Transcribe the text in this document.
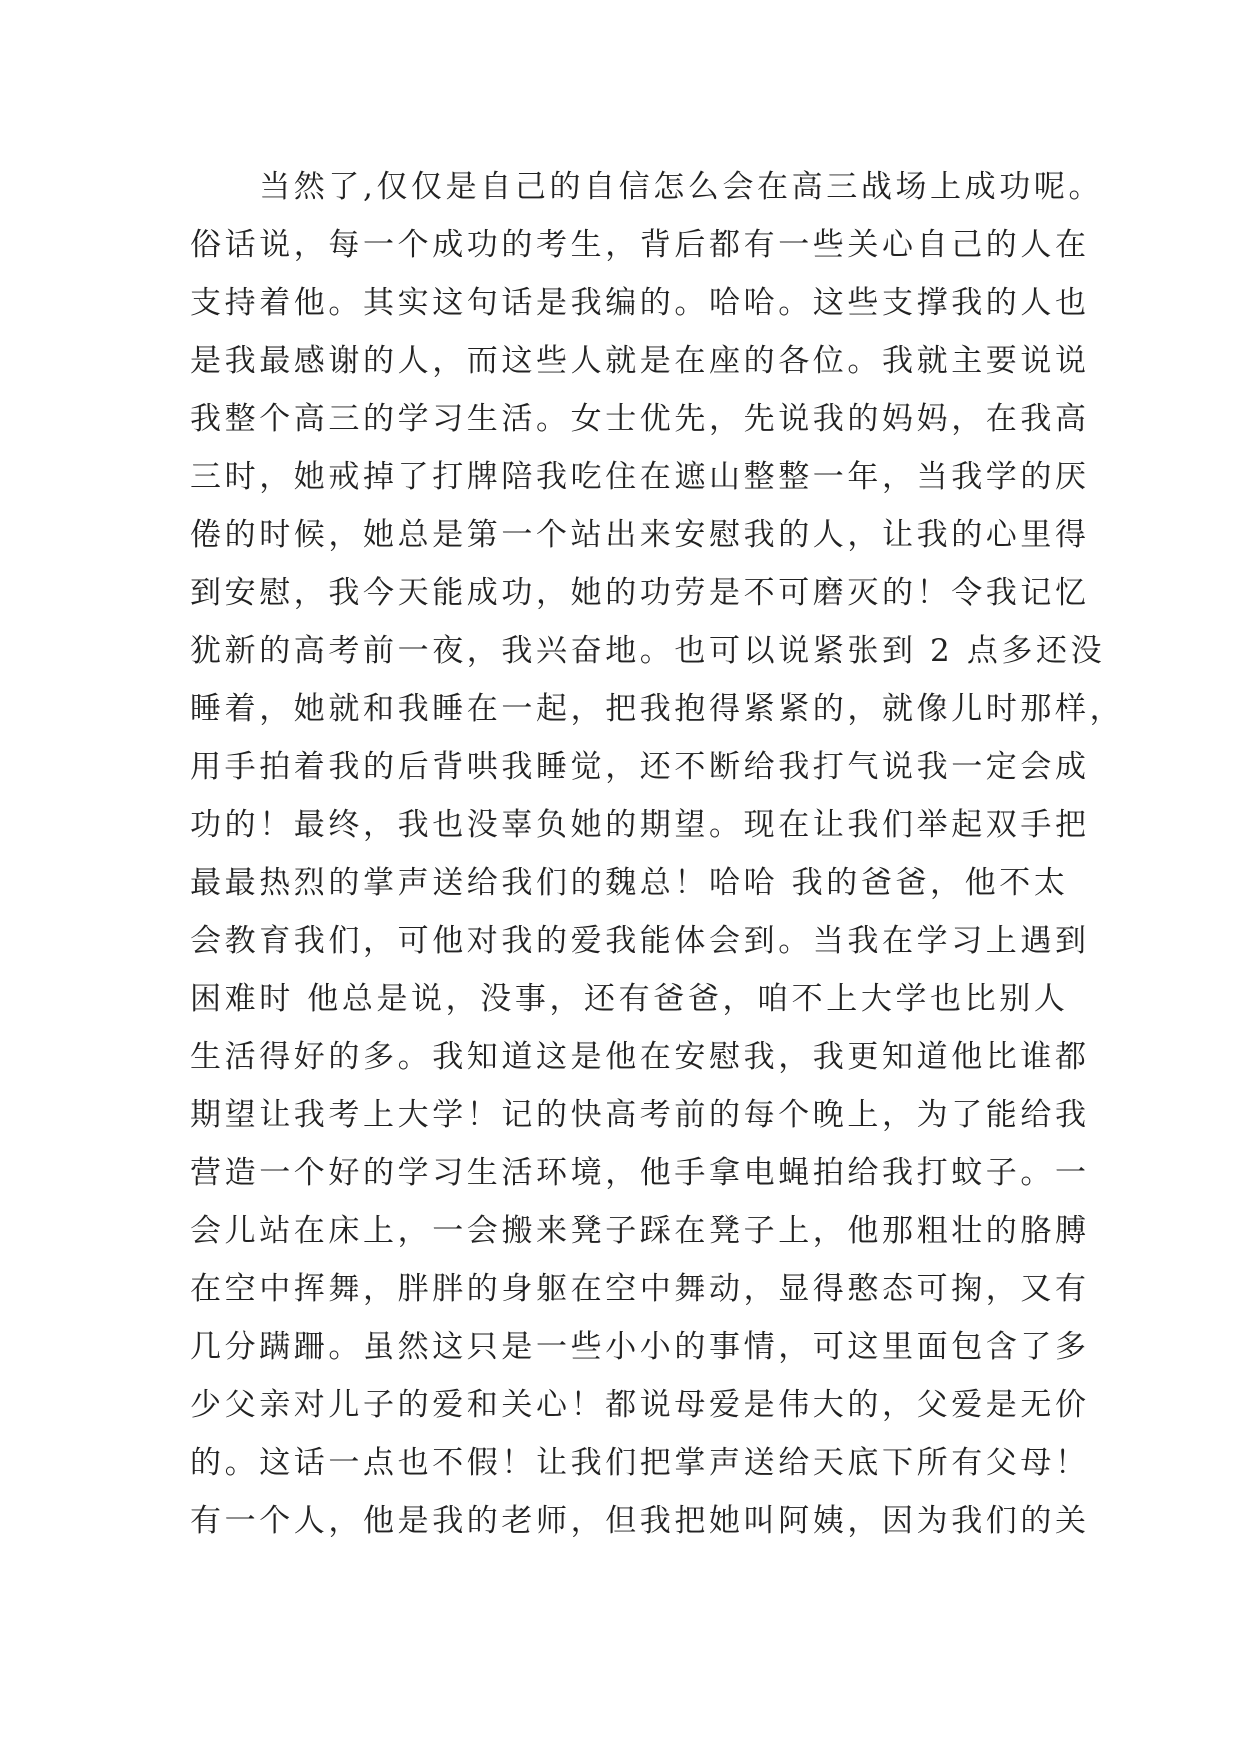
　　当然了,仅仅是自己的自信怎么会在高三战场上成功呢。
俗话说，每一个成功的考生，背后都有一些关心自己的人在
支持着他。其实这句话是我编的。哈哈。这些支撑我的人也
是我最感谢的人，而这些人就是在座的各位。我就主要说说
我整个高三的学习生活。女士优先，先说我的妈妈，在我高
三时，她戒掉了打牌陪我吃住在遮山整整一年，当我学的厌
倦的时候，她总是第一个站出来安慰我的人，让我的心里得
到安慰，我今天能成功，她的功劳是不可磨灭的！令我记忆
犹新的高考前一夜，我兴奋地。也可以说紧张到 2 点多还没
睡着，她就和我睡在一起，把我抱得紧紧的，就像儿时那样，
用手拍着我的后背哄我睡觉，还不断给我打气说我一定会成
功的！最终，我也没辜负她的期望。现在让我们举起双手把
最最热烈的掌声送给我们的魏总！哈哈 我的爸爸，他不太
会教育我们，可他对我的爱我能体会到。当我在学习上遇到
困难时 他总是说，没事，还有爸爸，咱不上大学也比别人
生活得好的多。我知道这是他在安慰我，我更知道他比谁都
期望让我考上大学！记的快高考前的每个晚上，为了能给我
营造一个好的学习生活环境，他手拿电蝇拍给我打蚊子。一
会儿站在床上，一会搬来凳子踩在凳子上，他那粗壮的胳膊
在空中挥舞，胖胖的身躯在空中舞动，显得憨态可掬，又有
几分蹒跚。虽然这只是一些小小的事情，可这里面包含了多
少父亲对儿子的爱和关心！都说母爱是伟大的，父爱是无价
的。这话一点也不假！让我们把掌声送给天底下所有父母！
有一个人，他是我的老师，但我把她叫阿姨，因为我们的关
